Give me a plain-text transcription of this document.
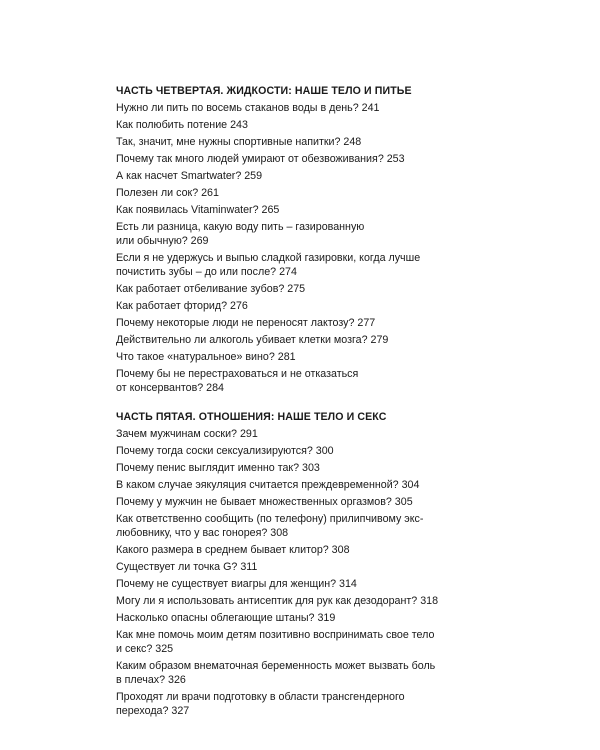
ЧАСТЬ ЧЕТВЕРТАЯ. ЖИДКОСТИ: НАШЕ ТЕЛО И ПИТЬЕ
Нужно ли пить по восемь стаканов воды в день? 241
Как полюбить потение 243
Так, значит, мне нужны спортивные напитки? 248
Почему так много людей умирают от обезвоживания? 253
А как насчет Smartwater? 259
Полезен ли сок? 261
Как появилась Vitaminwater? 265
Есть ли разница, какую воду пить – газированную
или обычную? 269
Если я не удержусь и выпью сладкой газировки, когда лучше
почистить зубы – до или после? 274
Как работает отбеливание зубов? 275
Как работает фторид? 276
Почему некоторые люди не переносят лактозу? 277
Действительно ли алкоголь убивает клетки мозга? 279
Что такое «натуральное» вино? 281
Почему бы не перестраховаться и не отказаться
от консервантов? 284
ЧАСТЬ ПЯТАЯ. ОТНОШЕНИЯ: НАШЕ ТЕЛО И СЕКС
Зачем мужчинам соски? 291
Почему тогда соски сексуализируются? 300
Почему пенис выглядит именно так? 303
В каком случае эякуляция считается преждевременной? 304
Почему у мужчин не бывает множественных оргазмов? 305
Как ответственно сообщить (по телефону) прилипчивому экс-
любовнику, что у вас гонорея? 308
Какого размера в среднем бывает клитор? 308
Существует ли точка G? 311
Почему не существует виагры для женщин? 314
Могу ли я использовать антисептик для рук как дезодорант? 318
Насколько опасны облегающие штаны? 319
Как мне помочь моим детям позитивно воспринимать свое тело
и секс? 325
Каким образом внематочная беременность может вызвать боль
в плечах? 326
Проходят ли врачи подготовку в области трансгендерного
перехода? 327
